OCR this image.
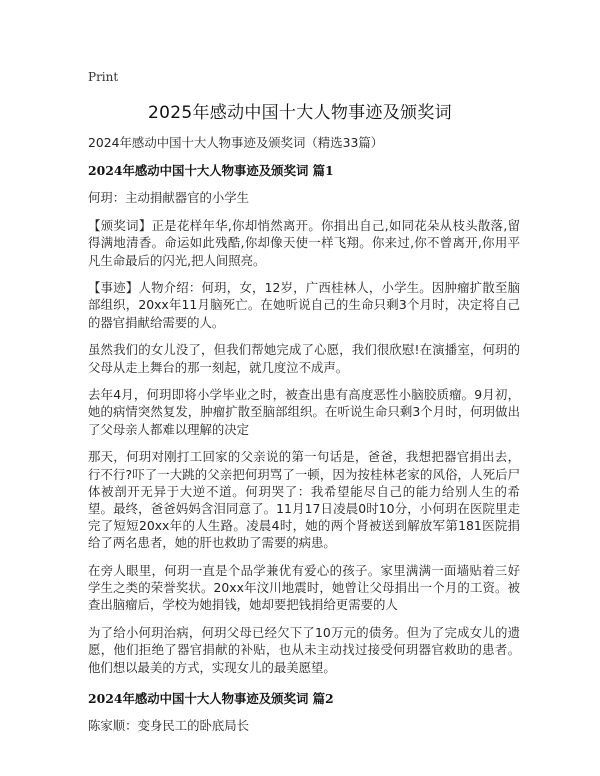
Print
2025年感动中国十大人物事迹及颁奖词

2024年感动中国十大人物事迹及颁奖词（精选33篇）

2024年感动中国十大人物事迹及颁奖词 篇1

何玥：主动捐献器官的小学生

【颁奖词】正是花样年华,你却悄然离开。你捐出自己,如同花朵从枝头散落,留得满地清香。命运如此残酷,你却像天使一样飞翔。你来过,你不曾离开,你用平凡生命最后的闪光,把人间照亮。

【事迹】人物介绍：何玥，女，12岁，广西桂林人，小学生。因肿瘤扩散至脑部组织，20xx年11月脑死亡。在她听说自己的生命只剩3个月时，决定将自己的器官捐献给需要的人。

虽然我们的女儿没了，但我们帮她完成了心愿，我们很欣慰!在演播室，何玥的父母从走上舞台的那一刻起，就几度泣不成声。

去年4月，何玥即将小学毕业之时，被查出患有高度恶性小脑胶质瘤。9月初，她的病情突然复发，肿瘤扩散至脑部组织。在听说生命只剩3个月时，何玥做出了父母亲人都难以理解的决定

那天，何玥对刚打工回家的父亲说的第一句话是，爸爸，我想把器官捐出去，行不行?吓了一大跳的父亲把何玥骂了一顿，因为按桂林老家的风俗，人死后尸体被剖开无异于大逆不道。何玥哭了：我希望能尽自己的能力给别人生的希望。最终，爸爸妈妈含泪同意了。11月17日凌晨0时10分，小何玥在医院里走完了短短20xx年的人生路。凌晨4时，她的两个肾被送到解放军第181医院捐给了两名患者，她的肝也救助了需要的病患。

在旁人眼里，何玥一直是个品学兼优有爱心的孩子。家里满满一面墙贴着三好学生之类的荣誉奖状。20xx年汶川地震时，她曾让父母捐出一个月的工资。被查出脑瘤后，学校为她捐钱，她却要把钱捐给更需要的人

为了给小何玥治病，何玥父母已经欠下了10万元的债务。但为了完成女儿的遗愿，他们拒绝了器官捐献的补贴，也从未主动找过接受何玥器官救助的患者。他们想以最美的方式，实现女儿的最美愿望。

2024年感动中国十大人物事迹及颁奖词 篇2

陈家顺：变身民工的卧底局长
